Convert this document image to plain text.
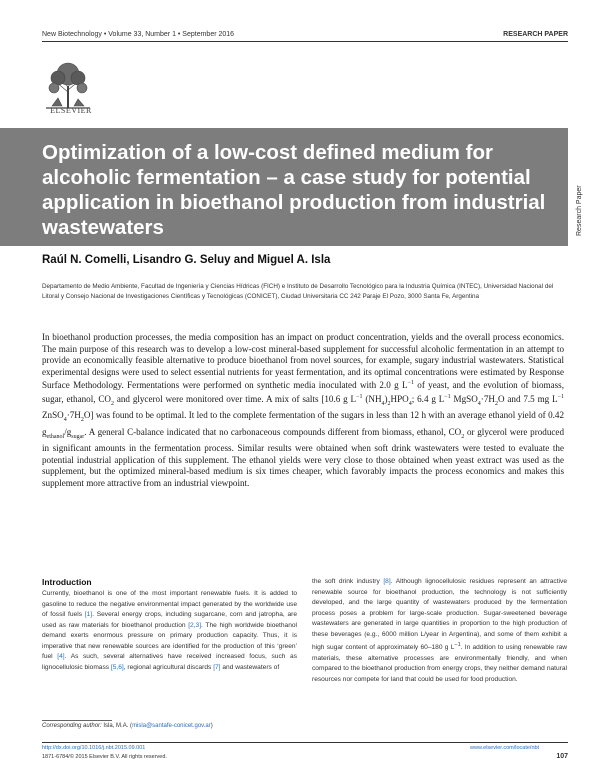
New Biotechnology • Volume 33, Number 1 • September 2016	RESEARCH PAPER
ELSEVIER
Optimization of a low-cost defined medium for alcoholic fermentation – a case study for potential application in bioethanol production from industrial wastewaters	Research Paper
Raúl N. Comelli, Lisandro G. Seluy and Miguel A. Isla
Departamento de Medio Ambiente, Facultad de Ingeniería y Ciencias Hídricas (FICH) e Instituto de Desarrollo Tecnológico para la Industria Química (INTEC), Universidad Nacional del Litoral y Consejo Nacional de Investigaciones Científicas y Tecnológicas (CONICET), Ciudad Universitaria CC 242 Paraje El Pozo, 3000 Santa Fe, Argentina
In bioethanol production processes, the media composition has an impact on product concentration, yields and the overall process economics. The main purpose of this research was to develop a low-cost mineral-based supplement for successful alcoholic fermentation in an attempt to provide an economically feasible alternative to produce bioethanol from novel sources, for example, sugary industrial wastewaters. Statistical experimental designs were used to select essential nutrients for yeast fermentation, and its optimal concentrations were estimated by Response Surface Methodology. Fermentations were performed on synthetic media inoculated with 2.0 g $L^{-1}$ of yeast, and the evolution of biomass, sugar, ethanol, $CO_2$ and glycerol were monitored over time. A mix of salts [10.6 g $L^{-1}$ $(NH_4)_2HPO_4$; 6.4 g $L^{-1}$ $MgSO_4\cdot 7H_2O$ and 7.5 mg $L^{-1}$ $ZnSO_4\cdot 7H_2O$] was found to be optimal. It led to the complete fermentation of the sugars in less than 12 h with an average ethanol yield of 0.42 $g_{ethanol}/g_{sugar}$. A general C-balance indicated that no carbonaceous compounds different from biomass, ethanol, $CO_2$ or glycerol were produced in significant amounts in the fermentation process. Similar results were obtained when soft drink wastewaters were tested to evaluate the potential industrial application of this supplement. The ethanol yields were very close to those obtained when yeast extract was used as the supplement, but the optimized mineral-based medium is six times cheaper, which favorably impacts the process economics and makes this supplement more attractive from an industrial viewpoint.
Introduction
Currently, bioethanol is one of the most important renewable fuels. It is added to gasoline to reduce the negative environmental impact generated by the worldwide use of fossil fuels [1]. Several energy crops, including sugarcane, corn and jatropha, are used as raw materials for bioethanol production [2,3]. The high worldwide bioethanol demand exerts enormous pressure on primary production capacity. Thus, it is imperative that new renewable sources are identified for the production of this ‘green’ fuel [4]. As such, several alternatives have received increased focus, such as lignocellulosic biomass [5,6], regional agricultural discards [7] and wastewaters of
the soft drink industry [8]. Although lignocellulosic residues represent an attractive renewable source for bioethanol production, the technology is not sufficiently developed, and the large quantity of wastewaters produced by the fermentation process poses a problem for large-scale production. Sugar-sweetened beverage wastewaters are generated in large quantities in proportion to the high production of these beverages (e.g., 6000 million L/year in Argentina), and some of them exhibit a high sugar content of approximately 60–180 g $L^{-1}$. In addition to using renewable raw materials, these alternative processes are environmentally friendly, and when compared to the bioethanol production from energy crops, they neither demand natural resources nor compete for land that could be used for food production.
Corresponding author: Isla, M.A. (misla@santafe-conicet.gov.ar)
http://dx.doi.org/10.1016/j.nbt.2015.09.001
1871-6784/© 2015 Elsevier B.V. All rights reserved.
www.elsevier.com/locate/nbt
107
